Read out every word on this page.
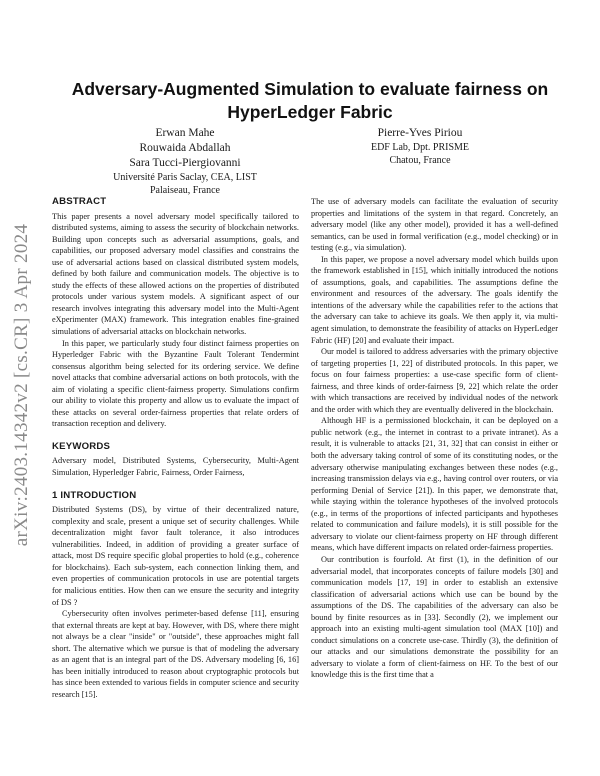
arXiv:2403.14342v2 [cs.CR] 3 Apr 2024
Adversary-Augmented Simulation to evaluate fairness on HyperLedger Fabric
Erwan Mahe
Rouwaida Abdallah
Sara Tucci-Piergiovanni
Université Paris Saclay, CEA, LIST
Palaiseau, France
Pierre-Yves Piriou
EDF Lab, Dpt. PRISME
Chatou, France
ABSTRACT

This paper presents a novel adversary model specifically tailored to distributed systems, aiming to assess the security of blockchain networks. Building upon concepts such as adversarial assumptions, goals, and capabilities, our proposed adversary model classifies and constrains the use of adversarial actions based on classical distributed system models, defined by both failure and communication models. The objective is to study the effects of these allowed actions on the properties of distributed protocols under various system models. A significant aspect of our research involves integrating this adversary model into the Multi-Agent eXperimenter (MAX) framework. This integration enables fine-grained simulations of adversarial attacks on blockchain networks.

In this paper, we particularly study four distinct fairness properties on Hyperledger Fabric with the Byzantine Fault Tolerant Tendermint consensus algorithm being selected for its ordering service. We define novel attacks that combine adversarial actions on both protocols, with the aim of violating a specific client-fairness property. Simulations confirm our ability to violate this property and allow us to evaluate the impact of these attacks on several order-fairness properties that relate orders of transaction reception and delivery.

KEYWORDS

Adversary model, Distributed Systems, Cybersecurity, Multi-Agent Simulation, Hyperledger Fabric, Fairness, Order Fairness,

1 INTRODUCTION

Distributed Systems (DS), by virtue of their decentralized nature, complexity and scale, present a unique set of security challenges. While decentralization might favor fault tolerance, it also introduces vulnerabilities. Indeed, in addition of providing a greater surface of attack, most DS require specific global properties to hold (e.g., coherence for blockchains). Each sub-system, each connection linking them, and even properties of communication protocols in use are potential targets for malicious entities. How then can we ensure the security and integrity of DS ?

Cybersecurity often involves perimeter-based defense [11], ensuring that external threats are kept at bay. However, with DS, where there might not always be a clear "inside" or "outside", these approaches might fall short. The alternative which we pursue is that of modeling the adversary as an agent that is an integral part of the DS. Adversary modeling [6, 16] has been initially introduced to reason about cryptographic protocols but has since been extended to various fields in computer science and security research [15].

The use of adversary models can facilitate the evaluation of security properties and limitations of the system in that regard. Concretely, an adversary model (like any other model), provided it has a well-defined semantics, can be used in formal verification (e.g., model checking) or in testing (e.g., via simulation).

In this paper, we propose a novel adversary model which builds upon the framework established in [15], which initially introduced the notions of assumptions, goals, and capabilities. The assumptions define the environment and resources of the adversary. The goals identify the intentions of the adversary while the capabilities refer to the actions that the adversary can take to achieve its goals. We then apply it, via multi-agent simulation, to demonstrate the feasibility of attacks on HyperLedger Fabric (HF) [20] and evaluate their impact.

Our model is tailored to address adversaries with the primary objective of targeting properties [1, 22] of distributed protocols. In this paper, we focus on four fairness properties: a use-case specific form of client-fairness, and three kinds of order-fairness [9, 22] which relate the order with which transactions are received by individual nodes of the network and the order with which they are eventually delivered in the blockchain.

Although HF is a permissioned blockchain, it can be deployed on a public network (e.g., the internet in contrast to a private intranet). As a result, it is vulnerable to attacks [21, 31, 32] that can consist in either or both the adversary taking control of some of its constituting nodes, or the adversary otherwise manipulating exchanges between these nodes (e.g., increasing transmission delays via e.g., having control over routers, or via performing Denial of Service [21]). In this paper, we demonstrate that, while staying within the tolerance hypotheses of the involved protocols (e.g., in terms of the proportions of infected participants and hypotheses related to communication and failure models), it is still possible for the adversary to violate our client-fairness property on HF through different means, which have different impacts on related order-fairness properties.

Our contribution is fourfold. At first (1), in the definition of our adversarial model, that incorporates concepts of failure models [30] and communication models [17, 19] in order to establish an extensive classification of adversarial actions which use can be bound by the assumptions of the DS. The capabilities of the adversary can also be bound by finite resources as in [33]. Secondly (2), we implement our approach into an existing multi-agent simulation tool (MAX [10]) and conduct simulations on a concrete use-case. Thirdly (3), the definition of our attacks and our simulations demonstrate the possibility for an adversary to violate a form of client-fairness on HF. To the best of our knowledge this is the first time that a
